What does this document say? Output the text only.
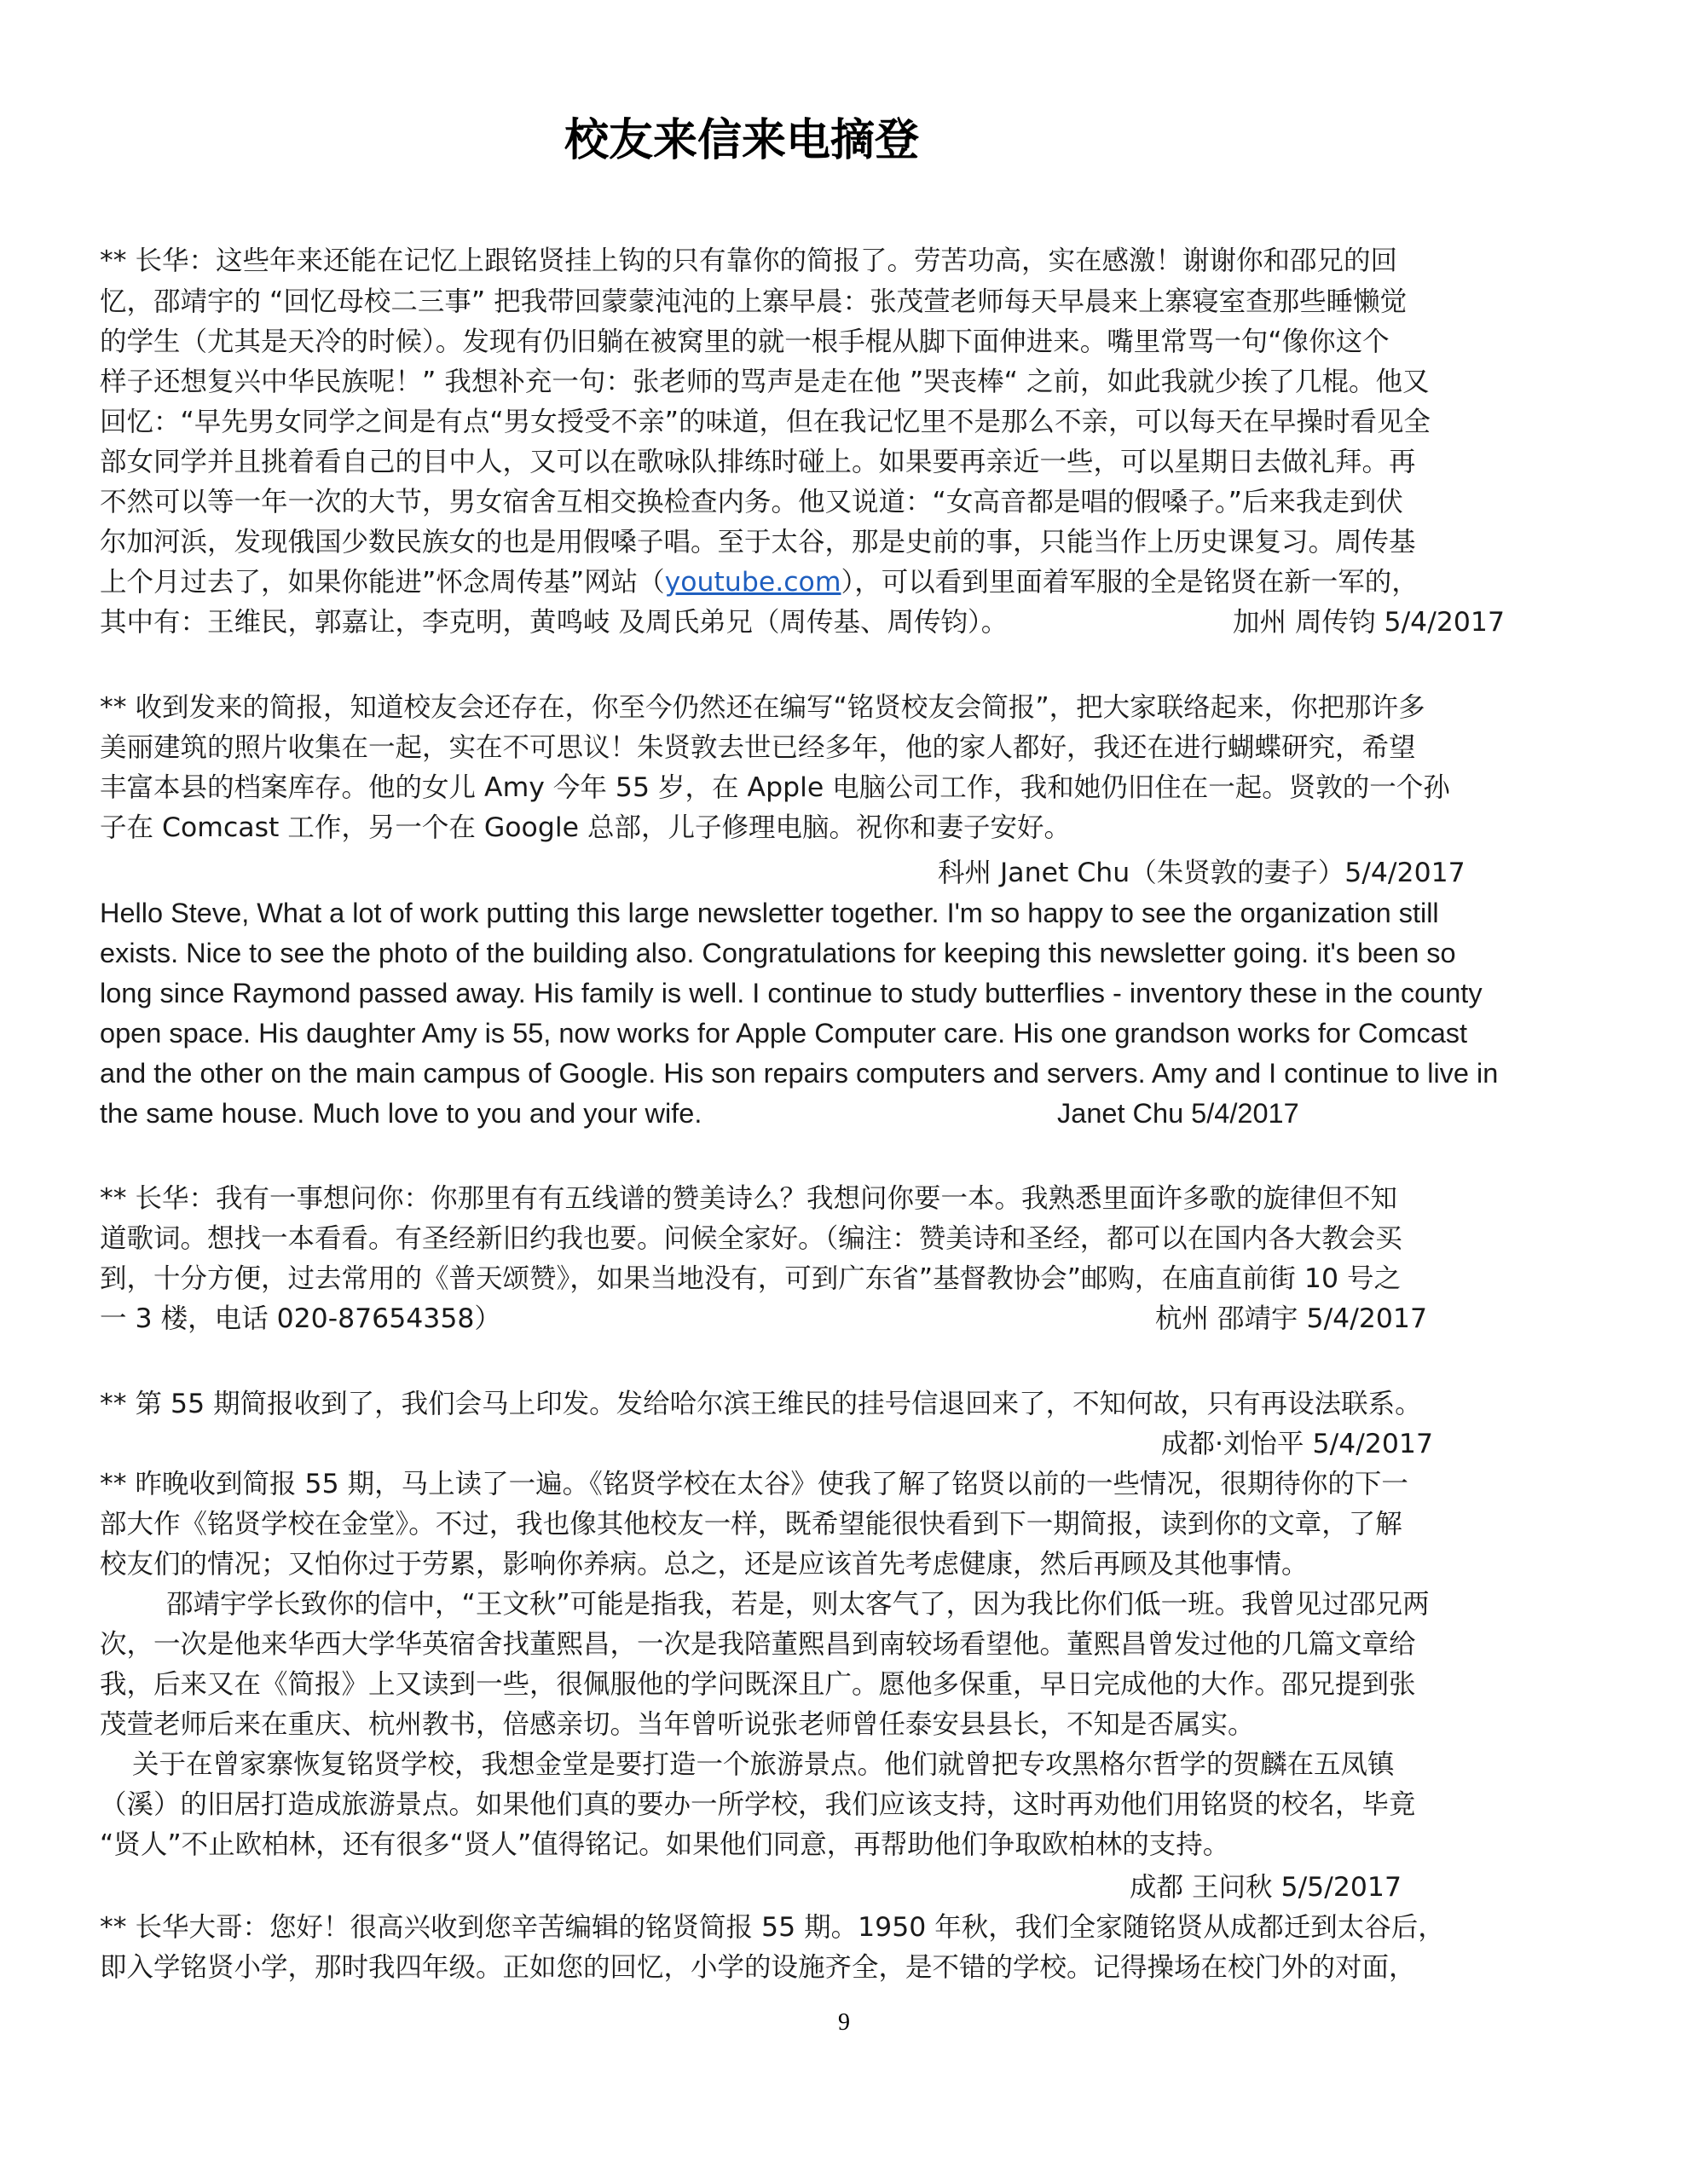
校友来信来电摘登
** 长华：这些年来还能在记忆上跟铭贤挂上钩的只有靠你的简报了。劳苦功高，实在感激！谢谢你和邵兄的回
忆，邵靖宇的 “回忆母校二三事” 把我带回蒙蒙沌沌的上寨早晨：张茂萱老师每天早晨来上寨寝室查那些睡懒觉
的学生（尤其是天冷的时候）。发现有仍旧躺在被窝里的就一根手棍从脚下面伸进来。嘴里常骂一句“像你这个
样子还想复兴中华民族呢！” 我想补充一句：张老师的骂声是走在他 ”哭丧棒“ 之前，如此我就少挨了几棍。他又
回忆：“早先男女同学之间是有点“男女授受不亲”的味道，但在我记忆里不是那么不亲，可以每天在早操时看见全
部女同学并且挑着看自己的目中人，又可以在歌咏队排练时碰上。如果要再亲近一些，可以星期日去做礼拜。再
不然可以等一年一次的大节，男女宿舍互相交换检查内务。他又说道：“女高音都是唱的假嗓子。”后来我走到伏
尔加河浜，发现俄国少数民族女的也是用假嗓子唱。至于太谷，那是史前的事，只能当作上历史课复习。周传基
上个月过去了，如果你能进”怀念周传基”网站（youtube.com），可以看到里面着军服的全是铭贤在新一军的，
其中有：王维民，郭嘉让，李克明，黄鸣岐 及周氏弟兄（周传基、周传钧）。	加州 周传钧 5/4/2017
** 收到发来的简报，知道校友会还存在，你至今仍然还在编写“铭贤校友会简报”，把大家联络起来，你把那许多
美丽建筑的照片收集在一起，实在不可思议！朱贤敦去世已经多年，他的家人都好，我还在进行蝴蝶研究，希望
丰富本县的档案库存。他的女儿 Amy 今年 55 岁，在 Apple 电脑公司工作，我和她仍旧住在一起。贤敦的一个孙
子在 Comcast 工作，另一个在 Google 总部，儿子修理电脑。祝你和妻子安好。
科州 Janet Chu（朱贤敦的妻子）5/4/2017
Hello Steve, What a lot of work putting this large newsletter together. I'm so happy to see the organization still
exists. Nice to see the photo of the building also. Congratulations for keeping this newsletter going. it's been so
long since Raymond passed away. His family is well. I continue to study butterflies - inventory these in the county
open space. His daughter Amy is 55, now works for Apple Computer care. His one grandson works for Comcast
and the other on the main campus of Google. His son repairs computers and servers. Amy and I continue to live in
the same house. Much love to you and your wife.	Janet Chu 5/4/2017
** 长华：我有一事想问你：你那里有有五线谱的赞美诗么？我想问你要一本。我熟悉里面许多歌的旋律但不知
道歌词。想找一本看看。有圣经新旧约我也要。问候全家好。（编注：赞美诗和圣经，都可以在国内各大教会买
到，十分方便，过去常用的《普天颂赞》，如果当地没有，可到广东省”基督教协会”邮购，在庙直前街 10 号之
一 3 楼，电话 020-87654358）	杭州 邵靖宇 5/4/2017
** 第 55 期简报收到了，我们会马上印发。发给哈尔滨王维民的挂号信退回来了，不知何故，只有再设法联系。
成都·刘怡平 5/4/2017
** 昨晚收到简报 55 期，马上读了一遍。《铭贤学校在太谷》使我了解了铭贤以前的一些情况，很期待你的下一
部大作《铭贤学校在金堂》。不过，我也像其他校友一样，既希望能很快看到下一期简报，读到你的文章，了解
校友们的情况；又怕你过于劳累，影响你养病。总之，还是应该首先考虑健康，然后再顾及其他事情。
邵靖宇学长致你的信中，“王文秋”可能是指我，若是，则太客气了，因为我比你们低一班。我曾见过邵兄两
次，一次是他来华西大学华英宿舍找董熙昌，一次是我陪董熙昌到南较场看望他。董熙昌曾发过他的几篇文章给
我，后来又在《简报》上又读到一些，很佩服他的学问既深且广。愿他多保重，早日完成他的大作。邵兄提到张
茂萱老师后来在重庆、杭州教书，倍感亲切。当年曾听说张老师曾任泰安县县长，不知是否属实。
关于在曾家寨恢复铭贤学校，我想金堂是要打造一个旅游景点。他们就曾把专攻黑格尔哲学的贺麟在五凤镇
（溪）的旧居打造成旅游景点。如果他们真的要办一所学校，我们应该支持，这时再劝他们用铭贤的校名，毕竟
“贤人”不止欧柏林，还有很多“贤人”值得铭记。如果他们同意，再帮助他们争取欧柏林的支持。
成都 王问秋 5/5/2017
** 长华大哥：您好！很高兴收到您辛苦编辑的铭贤简报 55 期。1950 年秋，我们全家随铭贤从成都迁到太谷后，
即入学铭贤小学，那时我四年级。正如您的回忆，小学的设施齐全，是不错的学校。记得操场在校门外的对面，
9
